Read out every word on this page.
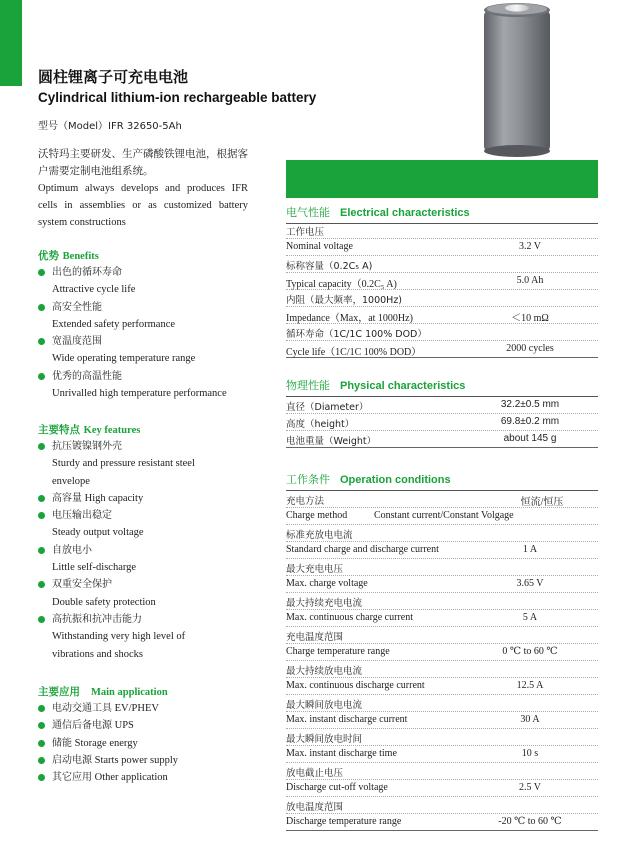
圆柱锂离子可充电电池
Cylindrical lithium-ion rechargeable battery
型号（Model）IFR 32650-5Ah

沃特玛主要研发、生产磷酸铁锂电池，根据客户需要定制电池组系统。

Optimum always develops and produces IFR cells in assemblies or as customized battery system constructions

优势 Benefits
出色的循环寿命
Attractive cycle life
高安全性能
Extended safety performance
宽温度范围
Wide operating temperature range
优秀的高温性能
Unrivalled high temperature performance
主要特点 Key features
抗压镀镍钢外壳
Sturdy and pressure resistant steel
envelope
高容量 High capacity
电压输出稳定
Steady output voltage
自放电小
Little self-discharge
双重安全保护
Double safety protection
高抗振和抗冲击能力
Withstanding very high level of
vibrations and shocks
主要应用 Main application
电动交通工具 EV/PHEV
通信后备电源 UPS
储能 Storage energy
启动电源 Starts power supply
其它应用 Other application
电气性能 Electrical characteristics
工作电压
Nominal voltage	3.2 V
标称容量（0.2C₅ A)
Typical capacity（0.2C₅ A)	5.0 Ah
内阻（最大频率，1000Hz)
Impedance（Max，at 1000Hz)	＜10 mΩ
循环寿命（1C/1C 100% DOD）
Cycle life（1C/1C 100% DOD）	2000 cycles
物理性能 Physical characteristics
直径（Diameter）	32.2±0.5 mm
高度（height）	69.8±0.2 mm
电池重量（Weight）	about 145 g
工作条件 Operation conditions
充电方法	恒流/恒压
Charge method	Constant current/Constant Volgage
标准充放电电流
Standard charge and discharge current	1 A
最大充电电压
Max. charge voltage	3.65 V
最大持续充电电流
Max. continuous charge current	5 A
充电温度范围
Charge temperature range	0 ℃ to 60 ℃
最大持续放电电流
Max. continuous discharge current	12.5 A
最大瞬间放电电流
Max. instant discharge current	30 A
最大瞬间放电时间
Max. instant discharge time	10 s
放电截止电压
Discharge cut-off voltage	2.5 V
放电温度范围
Discharge temperature range	-20 ℃ to 60 ℃
